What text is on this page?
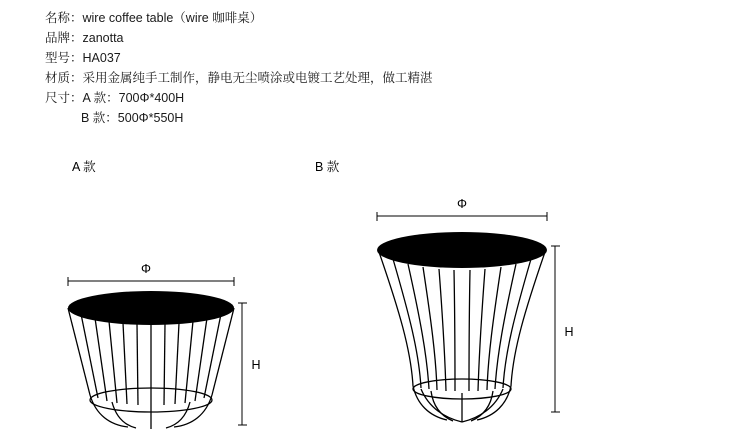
名称：wire coffee table（wire 咖啡桌）
品牌：zanotta
型号：HA037
材质：采用金属纯手工制作，静电无尘喷涂或电镀工艺处理，做工精湛
尺寸：A 款：700Φ*400H
B 款：500Φ*550H
A 款	B 款
Φ
H
Φ
H
